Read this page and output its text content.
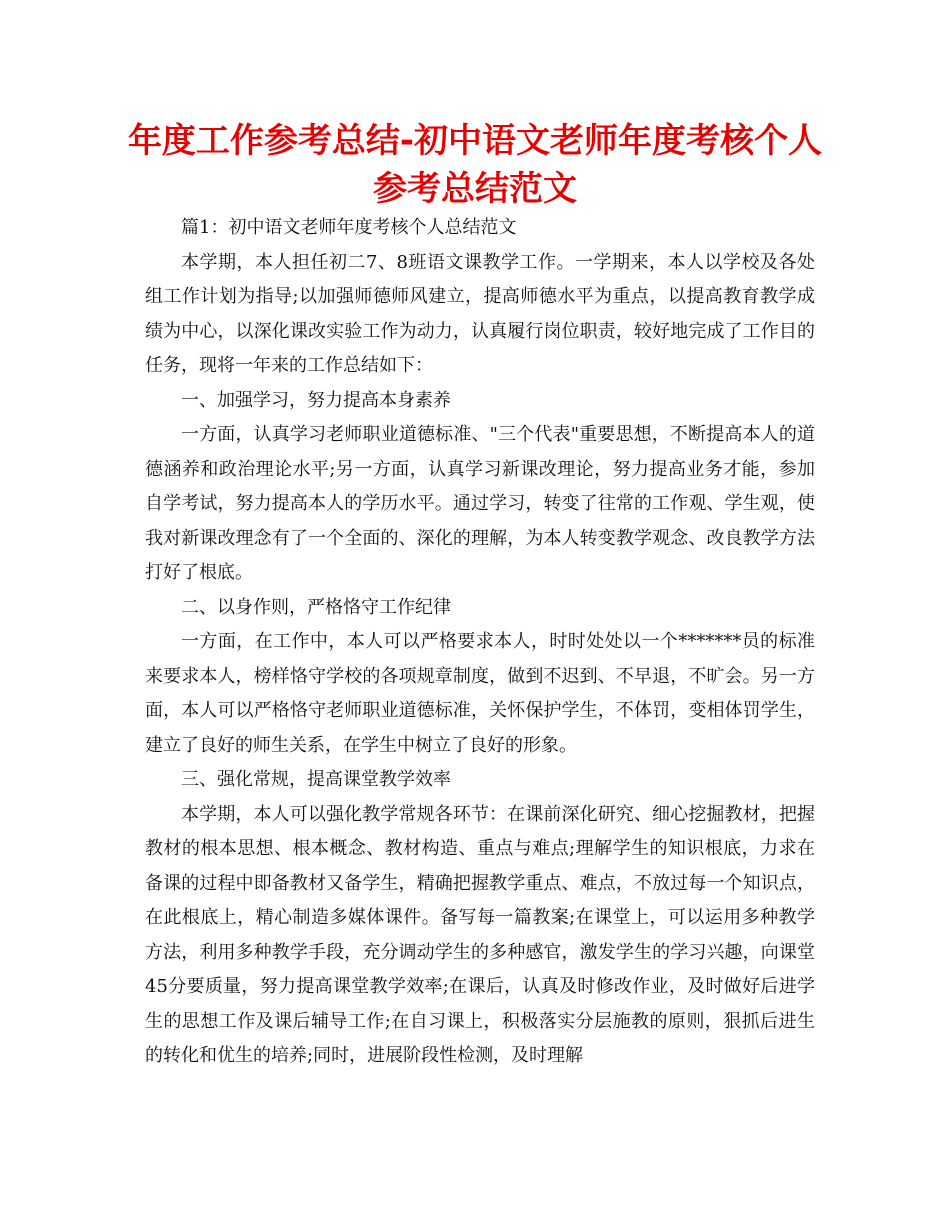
年度工作参考总结-初中语文老师年度考核个人参考总结范文

篇1：初中语文老师年度考核个人总结范文

本学期，本人担任初二7、8班语文课教学工作。一学期来，本人以学校及各处组工作计划为指导;以加强师德师风建立，提高师德水平为重点，以提高教育教学成绩为中心，以深化课改实验工作为动力，认真履行岗位职责，较好地完成了工作目的任务，现将一年来的工作总结如下：

一、加强学习，努力提高本身素养

一方面，认真学习老师职业道德标准、"三个代表"重要思想，不断提高本人的道德涵养和政治理论水平;另一方面，认真学习新课改理论，努力提高业务才能，参加自学考试，努力提高本人的学历水平。通过学习，转变了往常的工作观、学生观，使我对新课改理念有了一个全面的、深化的理解，为本人转变教学观念、改良教学方法打好了根底。

二、以身作则，严格恪守工作纪律

一方面，在工作中，本人可以严格要求本人，时时处处以一个*******员的标准来要求本人，榜样恪守学校的各项规章制度，做到不迟到、不早退，不旷会。另一方面，本人可以严格恪守老师职业道德标准，关怀保护学生，不体罚，变相体罚学生，建立了良好的师生关系，在学生中树立了良好的形象。

三、强化常规，提高课堂教学效率

本学期，本人可以强化教学常规各环节：在课前深化研究、细心挖掘教材，把握教材的根本思想、根本概念、教材构造、重点与难点;理解学生的知识根底，力求在备课的过程中即备教材又备学生，精确把握教学重点、难点，不放过每一个知识点，在此根底上，精心制造多媒体课件。备写每一篇教案;在课堂上，可以运用多种教学方法，利用多种教学手段，充分调动学生的多种感官，激发学生的学习兴趣，向课堂45分要质量，努力提高课堂教学效率;在课后，认真及时修改作业，及时做好后进学生的思想工作及课后辅导工作;在自习课上，积极落实分层施教的原则，狠抓后进生的转化和优生的培养;同时，进展阶段性检测，及时理解
